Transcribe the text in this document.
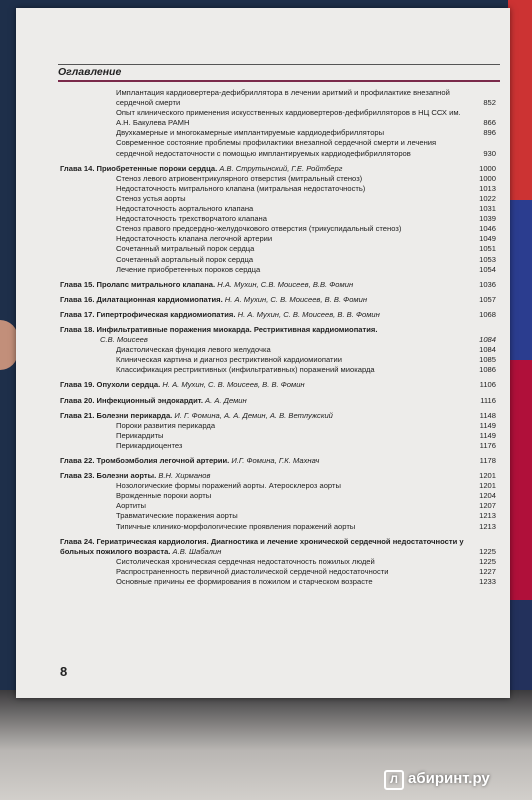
Оглавление
8
Имплантация кардиовертера-дефибриллятора в лечении аритмий и профилактике внезапной сердечной смерти	852
Опыт клинического применения искусственных кардиовертеров-дефибрилляторов в НЦ ССХ им. А.Н. Бакулева РАМН	866
Двухкамерные и многокамерные имплантируемые кардиодефибрилляторы	896
Современное состояние проблемы профилактики внезапной сердечной смерти и лечения сердечной недостаточности с помощью имплантируемых кардиодефибрилляторов	930
Глава 14. Приобретенные пороки сердца. А.В. Струтынский, Г.Е. Ройтберг	1000
Стеноз левого атриовентрикулярного отверстия (митральный стеноз)	1000
Недостаточность митрального клапана (митральная недостаточность)	1013
Стеноз устья аорты	1022
Недостаточность аортального клапана	1031
Недостаточность трехстворчатого клапана	1039
Стеноз правого предсердно-желудочкового отверстия (трикуспидальный стеноз)	1046
Недостаточность клапана легочной артерии	1049
Сочетанный митральный порок сердца	1051
Сочетанный аортальный порок сердца	1053
Лечение приобретенных пороков сердца	1054
Глава 15. Пролапс митрального клапана. Н.А. Мухин, С.В. Моисеев, В.В. Фомин	1036
Глава 16. Дилатационная кардиомиопатия. Н. А. Мухин, С. В. Моисеев, В. В. Фомин	1057
Глава 17. Гипертрофическая кардиомиопатия. Н. А. Мухин, С. В. Моисеев, В. В. Фомин	1068
Глава 18. Инфильтративные поражения миокарда. Рестриктивная кардиомиопатия.
С.В. Моисеев	1084
Диастолическая функция левого желудочка	1084
Клиническая картина и диагноз рестриктивной кардиомиопатии	1085
Классификация рестриктивных (инфильтративных) поражений миокарда	1086
Глава 19. Опухоли сердца. Н. А. Мухин, С. В. Моисеев, В. В. Фомин	1106
Глава 20. Инфекционный эндокардит. А. А. Демин	1116
Глава 21. Болезни перикарда. И. Г. Фомина, А. А. Демин, А. В. Ветлужский	1148
Пороки развития перикарда	1149
Перикардиты	1149
Перикардиоцентез	1176
Глава 22. Тромбоэмболия легочной артерии. И.Г. Фомина, Г.К. Махнач	1178
Глава 23. Болезни аорты. В.Н. Хирманов	1201
Нозологические формы поражений аорты. Атеросклероз аорты	1201
Врожденные пороки аорты	1204
Аортиты	1207
Травматические поражения аорты	1213
Типичные клинико-морфологические проявления поражений аорты	1213
Глава 24. Гериатрическая кардиология. Диагностика и лечение хронической сердечной недостаточности у больных пожилого возраста. А.В. Шабалин	1225
Систолическая хроническая сердечная недостаточность пожилых людей	1225
Распространенность первичной диастолической сердечной недостаточности	1227
Основные причины ее формирования в пожилом и старческом возрасте	1233
Л абиринт.ру
